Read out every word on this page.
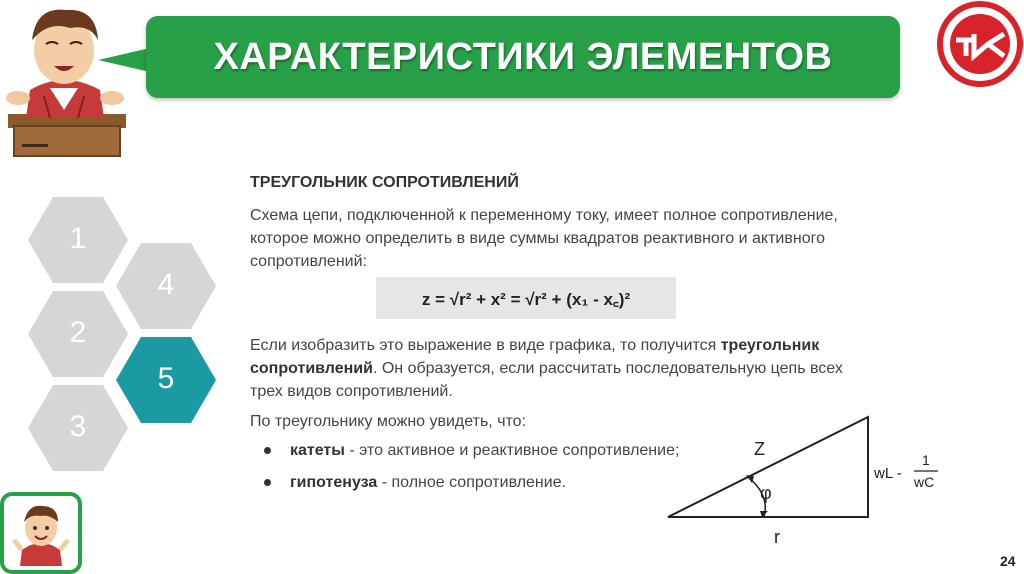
ХАРАКТЕРИСТИКИ ЭЛЕМЕНТОВ
1
4
2
5
3
ТРЕУГОЛЬНИК СОПРОТИВЛЕНИЙ
Схема цепи, подключенной к переменному току, имеет полное сопротивление, которое можно определить в виде суммы квадратов реактивного и активного сопротивлений:
z = √r² + x² = √r² + (x₁ - x꜀)²
Если изобразить это выражение в виде графика, то получится треугольник сопротивлений. Он образуется, если рассчитать последовательную цепь всех трех видов сопротивлений.
По треугольнику можно увидеть, что:
катеты - это активное и реактивное сопротивление;
гипотенуза - полное сопротивление.
Z
φ
r
wL -
1
wC
24
